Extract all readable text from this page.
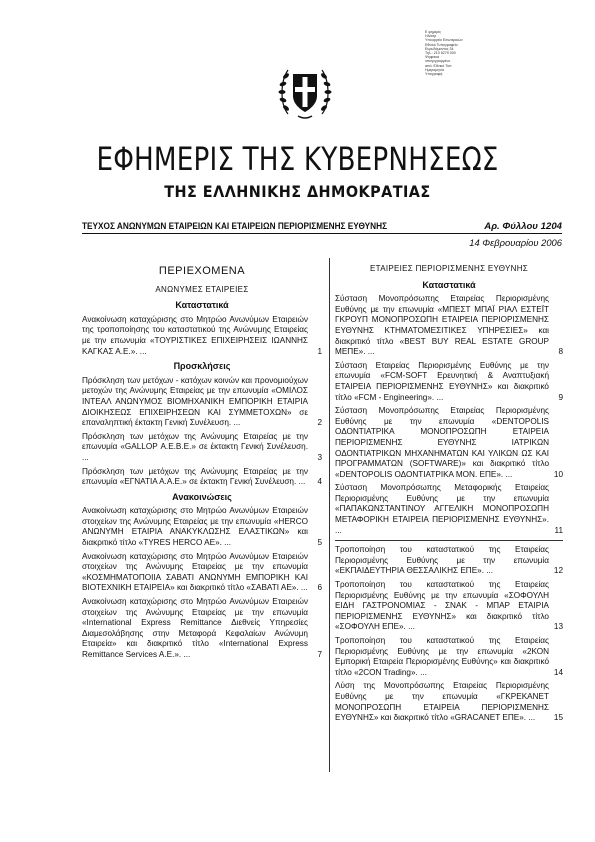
Ε φημερίς
Ηλέκτρ
Υπουργείο Εσωτερικών
Εθνικό Τυπογραφείο
Ευρυδάμαντος 34
Τηλ.: 210 5279 000
Ψηφιακά
υπογεγραμμένο
από: Εθνικό Τυπ
Ημερομηνία
Υπογραφή:
ΕΦΗΜΕΡΙΣ ΤΗΣ ΚΥΒΕΡΝΗΣΕΩΣ
ΤΗΣ ΕΛΛΗΝΙΚΗΣ ΔΗΜΟΚΡΑΤΙΑΣ
ΤΕΥΧΟΣ ΑΝΩΝΥΜΩΝ ΕΤΑΙΡΕΙΩΝ ΚΑΙ ΕΤΑΙΡΕΙΩΝ ΠΕΡΙΟΡΙΣΜΕΝΗΣ ΕΥΘΥΝΗΣ	Αρ. Φύλλου 1204
14 Φεβρουαρίου 2006
ΠΕΡΙΕΧΟΜΕΝΑ
ΑΝΩΝΥΜΕΣ ΕΤΑΙΡΕΙΕΣ
Καταστατικά
Ανακοίνωση καταχώρισης στο Μητρώο Ανωνύμων Εταιρειών της τροποποίησης του καταστατικού της Ανώνυμης Εταιρείας με την επωνυμία «ΤΟΥΡΙΣΤΙΚΕΣ ΕΠΙΧΕΙΡΗΣΕΙΣ ΙΩΑΝΝΗΣ ΚΑΓΚΑΣ Α.Ε.». ...	1
Προσκλήσεις
Πρόσκληση των μετόχων - κατόχων κοινών και προνομιούχων μετοχών της Ανώνυμης Εταιρείας με την επωνυμία «ΟΜΙΛΟΣ ΙΝΤΕΑΛ ΑΝΩΝΥΜΟΣ ΒΙΟΜΗΧΑΝΙΚΗ ΕΜΠΟΡΙΚΗ ΕΤΑΙΡΙΑ ΔΙΟΙΚΗΣΕΩΣ ΕΠΙΧΕΙΡΗΣΕΩΝ ΚΑΙ ΣΥΜΜΕΤΟΧΩΝ» σε επαναληπτική έκτακτη Γενική Συνέλευση. ...	2
Πρόσκληση των μετόχων της Ανώνυμης Εταιρείας με την επωνυμία «GALLOP Α.Ε.Β.Ε.» σε έκτακτη Γενική Συνέλευση. ...	3
Πρόσκληση των μετόχων της Ανώνυμης Εταιρείας με την επωνυμία «ΕΓΝΑΤΙΑ Α.Α.Ε.» σε έκτακτη Γενική Συνέλευση. ...	4
Ανακοινώσεις
Ανακοίνωση καταχώρισης στο Μητρώο Ανωνύμων Εταιρειών στοιχείων της Ανώνυμης Εταιρείας με την επωνυμία «HERCO ΑΝΩΝΥΜΗ ΕΤΑΙΡΙΑ ΑΝΑΚΥΚΛΩΣΗΣ ΕΛΑΣΤΙΚΩΝ» και διακριτικό τίτλο «TYRES HERCO AE». ...	5
Ανακοίνωση καταχώρισης στο Μητρώο Ανωνύμων Εταιρειών στοιχείων της Ανώνυμης Εταιρείας με την επωνυμία «ΚΟΣΜΗΜΑΤΟΠΟΙΙΑ ΣΑΒΑΤΙ ΑΝΩΝΥΜΗ ΕΜΠΟΡΙΚΗ ΚΑΙ ΒΙΟΤΕΧΝΙΚΗ ΕΤΑΙΡΕΙΑ» και διακριτικό τίτλο «ΣΑΒΑΤΙ ΑΕ». ...	6
Ανακοίνωση καταχώρισης στο Μητρώο Ανωνύμων Εταιρειών στοιχείων της Ανώνυμης Εταιρείας με την επωνυμία «International Express Remittance Διεθνείς Υπηρεσίες Διαμεσολάβησης στην Μεταφορά Κεφαλαίων Ανώνυμη Εταιρεία» και διακριτικό τίτλο «International Express Remittance Services A.E.». ...	7
ΕΤΑΙΡΕΙΕΣ ΠΕΡΙΟΡΙΣΜΕΝΗΣ ΕΥΘΥΝΗΣ
Καταστατικά
Σύσταση Μονοπρόσωπης Εταιρείας Περιορισμένης Ευθύνης με την επωνυμία «ΜΠΕΣΤ ΜΠΑΪ ΡΙΑΛ ΕΣΤΕΪΤ ΓΚΡΟΥΠ ΜΟΝΟΠΡΟΣΩΠΗ ΕΤΑΙΡΕΙΑ ΠΕΡΙΟΡΙΣΜΕΝΗΣ ΕΥΘΥΝΗΣ ΚΤΗΜΑΤΟΜΕΣΙΤΙΚΕΣ ΥΠΗΡΕΣΙΕΣ» και διακριτικό τίτλο «BEST BUY REAL ESTATE GROUP ΜΕΠΕ». ...	8
Σύσταση Εταιρείας Περιορισμένης Ευθύνης με την επωνυμία «FCM-SOFT Ερευνητική & Αναπτυξιακή ΕΤΑΙΡΕΙΑ ΠΕΡΙΟΡΙΣΜΕΝΗΣ ΕΥΘΥΝΗΣ» και διακριτικό τίτλο «FCM - Engineering». ...	9
Σύσταση Μονοπρόσωπης Εταιρείας Περιορισμένης Ευθύνης με την επωνυμία «DENTOPOLIS ΟΔΟΝΤΙΑΤΡΙΚΑ ΜΟΝΟΠΡΟΣΩΠΗ ΕΤΑΙΡΕΙΑ ΠΕΡΙΟΡΙΣΜΕΝΗΣ ΕΥΘΥΝΗΣ ΙΑΤΡΙΚΩΝ ΟΔΟΝΤΙΑΤΡΙΚΩΝ ΜΗΧΑΝΗΜΑΤΩΝ ΚΑΙ ΥΛΙΚΩΝ ΩΣ ΚΑΙ ΠΡΟΓΡΑΜΜΑΤΩΝ (SOFTWARE)» και διακριτικό τίτλο «DENTOPOLIS ΟΔΟΝΤΙΑΤΡΙΚΑ ΜΟΝ. ΕΠΕ». ...	10
Σύσταση Μονοπρόσωπης Μεταφορικής Εταιρείας Περιορισμένης Ευθύνης με την επωνυμία «ΠΑΠΑΚΩΝΣΤΑΝΤΙΝΟΥ ΑΓΓΕΛΙΚΗ ΜΟΝΟΠΡΟΣΩΠΗ ΜΕΤΑΦΟΡΙΚΗ ΕΤΑΙΡΕΙΑ ΠΕΡΙΟΡΙΣΜΕΝΗΣ ΕΥΘΥΝΗΣ». ...	11
Τροποποίηση του καταστατικού της Εταιρείας Περιορισμένης Ευθύνης με την επωνυμία «ΕΚΠΑΙΔΕΥΤΗΡΙΑ ΘΕΣΣΑΛΙΚΗΣ ΕΠΕ». ...	12
Τροποποίηση του καταστατικού της Εταιρείας Περιορισμένης Ευθύνης με την επωνυμία «ΣΟΦΟΥΛΗ ΕΙΔΗ ΓΑΣΤΡΟΝΟΜΙΑΣ - ΣΝΑΚ - ΜΠΑΡ ΕΤΑΙΡΙΑ ΠΕΡΙΟΡΙΣΜΕΝΗΣ ΕΥΘΥΝΗΣ» και διακριτικό τίτλο «ΣΟΦΟΥΛΗ ΕΠΕ». ...	13
Τροποποίηση του καταστατικού της Εταιρείας Περιορισμένης Ευθύνης με την επωνυμία «2ΚΟΝ Εμπορική Εταιρεία Περιορισμένης Ευθύνης» και διακριτικό τίτλο «2CON Trading». ...	14
Λύση της Μονοπρόσωπης Εταιρείας Περιορισμένης Ευθύνης με την επωνυμία «ΓΚΡΕΚΑΝΕΤ ΜΟΝΟΠΡΟΣΩΠΗ ΕΤΑΙΡΕΙΑ ΠΕΡΙΟΡΙΣΜΕΝΗΣ ΕΥΘΥΝΗΣ» και διακριτικό τίτλο «GRACANET ΕΠΕ». ...	15
